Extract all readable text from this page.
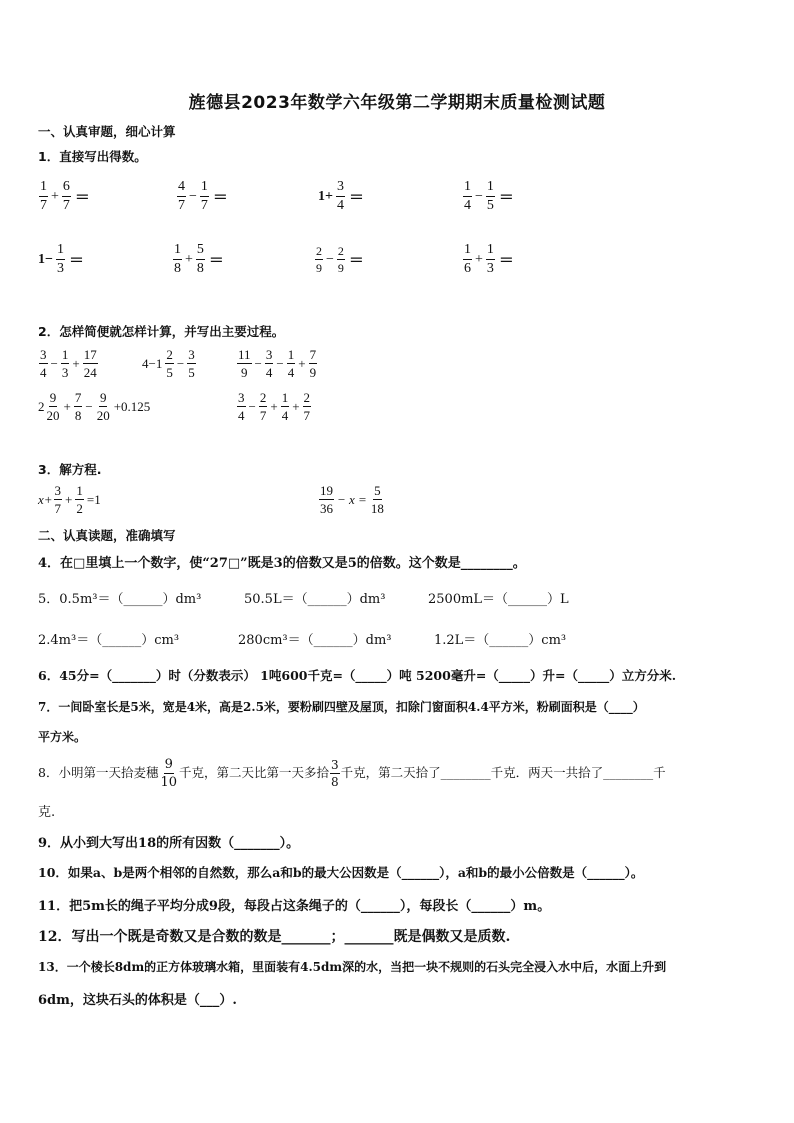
旌德县2023年数学六年级第二学期期末质量检测试题
一、认真审题，细心计算
1．直接写出得数。
$\frac{1}{7} + \frac{6}{7}$ ＝	$\frac{4}{7} - \frac{1}{7}$ ＝	$1+ \frac{3}{4}$ ＝	$\frac{1}{4} - \frac{1}{5}$ ＝
$1- \frac{1}{3}$ ＝	$\frac{1}{8} + \frac{5}{8}$ ＝	$\frac{2}{9} - \frac{2}{9}$ ＝	$\frac{1}{6} + \frac{1}{3}$ ＝
2．怎样简便就怎样计算，并写出主要过程。
$\frac{3}{4} - \frac{1}{3} + \frac{17}{24}$	$4-1 \frac{2}{5} - \frac{3}{5}$	$\frac{11}{9} - \frac{3}{4} - \frac{1}{4} + \frac{7}{9}$
$2 \frac{9}{20} + \frac{7}{8} - \frac{9}{20} +0.125$	$\frac{3}{4} - \frac{2}{7} + \frac{1}{4} + \frac{2}{7}$
3．解方程.
$x+ \frac{3}{7} + \frac{1}{2} =1$	$\frac{19}{36} - x = \frac{5}{18}$
二、认真读题，准确填写
4．在□里填上一个数字，使“27□”既是3的倍数又是5的倍数。这个数是________。
5．0.5m³＝（______）dm³	50.5L＝（______）dm³	2500mL＝（______）L
2.4m³＝（______）cm³	280cm³＝（______）dm³	1.2L＝（______）cm³
6．45分=（_______）时（分数表示） 1吨600千克=（_____）吨 5200毫升=（_____）升=（_____）立方分米.
7．一间卧室长是5米，宽是4米，高是2.5米，要粉刷四壁及屋顶，扣除门窗面积4.4平方米，粉刷面积是（____）
平方米。
8．小明第一天拾麦穗 $\frac{9}{10}$ 千克，第二天比第一天多拾 $\frac{3}{8}$ 千克，第二天拾了________千克．两天一共拾了________千
克.
9．从小到大写出18的所有因数（_______）。
10．如果a、b是两个相邻的自然数，那么a和b的最大公因数是（______），a和b的最小公倍数是（______）。
11．把5m长的绳子平均分成9段，每段占这条绳子的（______），每段长（______）m。
12．写出一个既是奇数又是合数的数是_______；_______既是偶数又是质数.
13．一个棱长8dm的正方体玻璃水箱，里面装有4.5dm深的水，当把一块不规则的石头完全浸入水中后，水面上升到
6dm，这块石头的体积是（___）.
